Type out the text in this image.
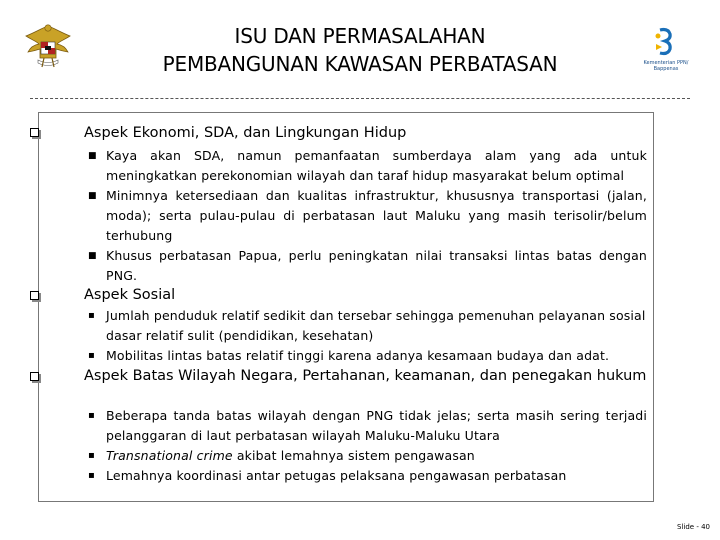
ISU DAN PERMASALAHAN
PEMBANGUNAN KAWASAN PERBATASAN	Kementerian PPN/
Bappenas
Aspek Ekonomi, SDA, dan Lingkungan Hidup
■ Kaya akan SDA, namun pemanfaatan sumberdaya alam yang ada untuk meningkatkan perekonomian wilayah dan taraf hidup masyarakat belum optimal
■ Minimnya ketersediaan dan kualitas infrastruktur, khususnya transportasi (jalan, moda); serta pulau-pulau di perbatasan laut Maluku yang masih terisolir/belum terhubung
■ Khusus perbatasan Papua, perlu peningkatan nilai transaksi lintas batas dengan PNG.
Aspek Sosial
▪ Jumlah penduduk relatif sedikit dan tersebar sehingga pemenuhan pelayanan sosial dasar relatif sulit (pendidikan, kesehatan)
▪ Mobilitas lintas batas relatif tinggi karena adanya kesamaan budaya dan adat.
Aspek Batas Wilayah Negara, Pertahanan, keamanan, dan penegakan hukum
▪ Beberapa tanda batas wilayah dengan PNG tidak jelas; serta masih sering terjadi pelanggaran di laut perbatasan wilayah Maluku-Maluku Utara
▪ Transnational crime akibat lemahnya sistem pengawasan
▪ Lemahnya koordinasi antar petugas pelaksana pengawasan perbatasan
Slide - 40
